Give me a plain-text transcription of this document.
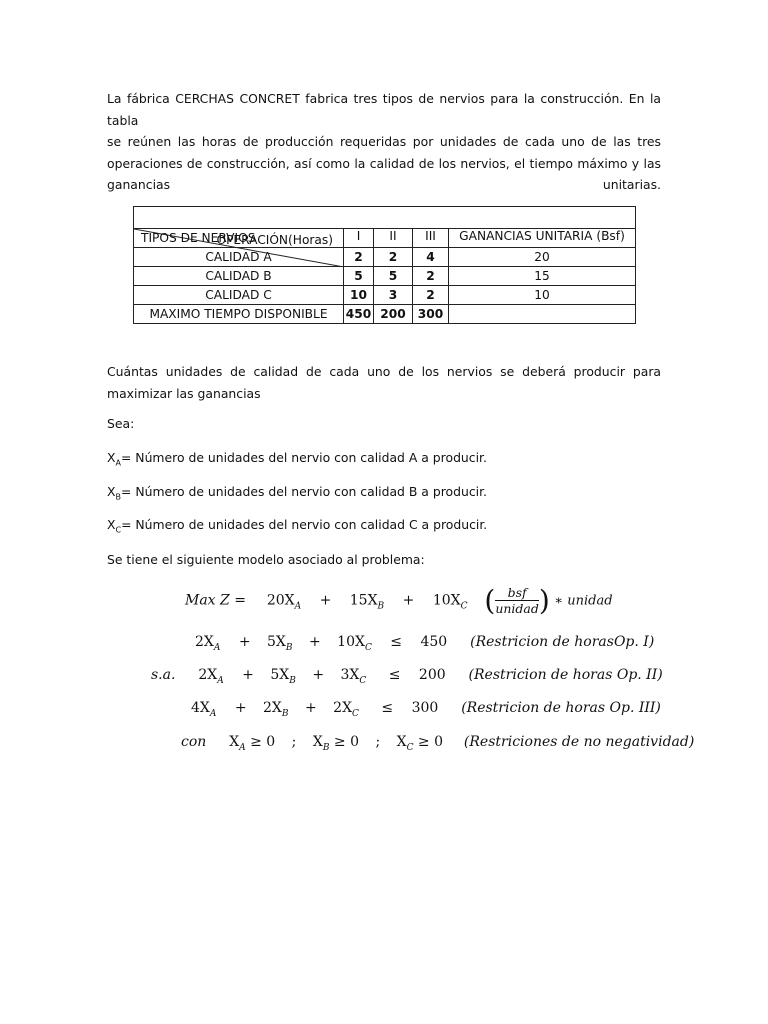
La fábrica CERCHAS CONCRET fabrica tres tipos de nervios para la construcción. En la tabla
se reúnen las horas de producción requeridas por unidades de cada uno de las tres
operaciones de construcción, así como la calidad de los nervios, el tiempo máximo y las
ganancias	unitarias.

OPERACIÓN(Horas)
TIPOS DE NERVIOS	I	II	III	GANANCIAS UNITARIA (Bsf)
CALIDAD A	2	2	4	20
CALIDAD B	5	5	2	15
CALIDAD C	10	3	2	10
MAXIMO TIEMPO DISPONIBLE	450	200	300	
Cuántas unidades de calidad de cada uno de los nervios se deberá producir para
maximizar las ganancias
Sea:
$X_A=$ Número de unidades del nervio con calidad A a producir.
$X_B=$ Número de unidades del nervio con calidad B a producir.
$X_C=$ Número de unidades del nervio con calidad C a producir.
Se tiene el siguiente modelo asociado al problema:
Max $Z = 20X_A + 15X_B + 10X_C$ ( $\frac{\text{bsf}}{\text{unidad}}$ ) ∗ unidad
$2X_A + 5X_B + 10X_C \le 450$ (Restricion de horasOp. I)
s.a. $2X_A + 5X_B + 3X_C \le 200$ (Restricion de horas Op. II)
$4X_A + 2X_B + 2X_C \le 300$ (Restricion de horas Op. III)
con $X_A \ge 0$ ; $X_B \ge 0$ ; $X_C \ge 0$ (Restriciones de no negatividad)
